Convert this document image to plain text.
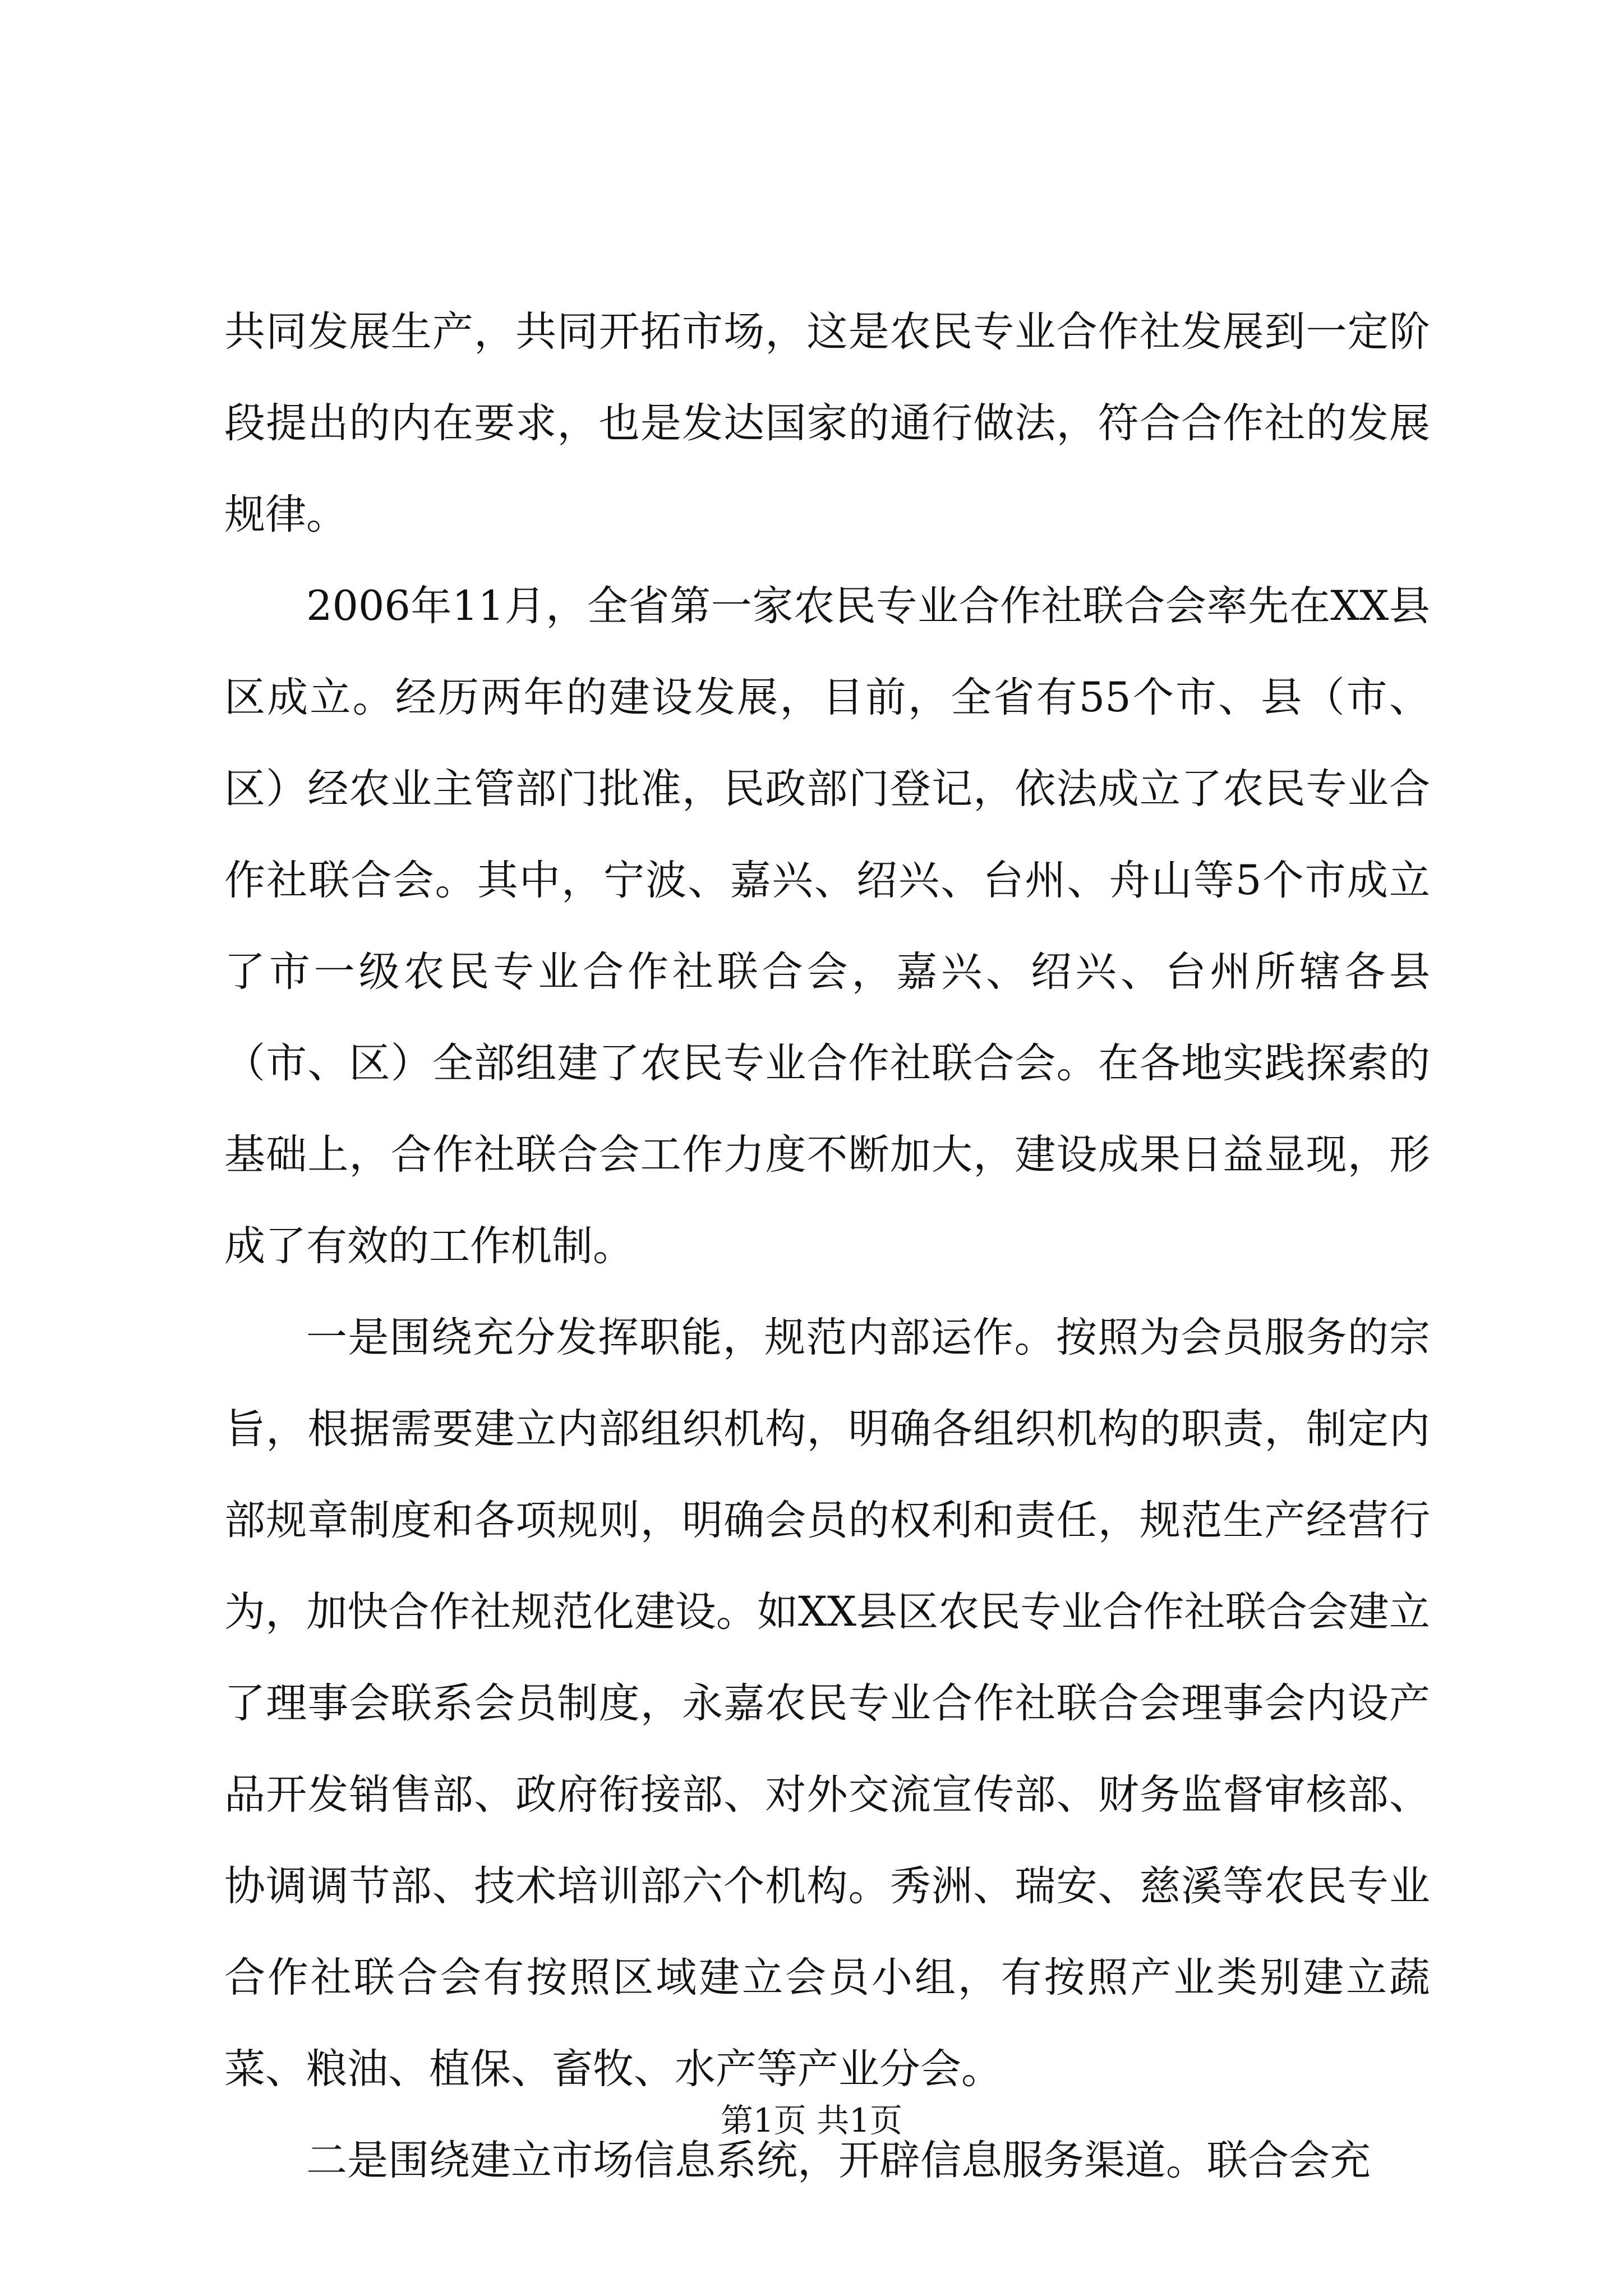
共同发展生产，共同开拓市场，这是农民专业合作社发展到一定阶段提出的内在要求，也是发达国家的通行做法，符合合作社的发展规律。

2006年11月，全省第一家农民专业合作社联合会率先在XX县区成立。经历两年的建设发展，目前，全省有55个市、县（市、区）经农业主管部门批准，民政部门登记，依法成立了农民专业合作社联合会。其中，宁波、嘉兴、绍兴、台州、舟山等5个市成立了市一级农民专业合作社联合会，嘉兴、绍兴、台州所辖各县（市、区）全部组建了农民专业合作社联合会。在各地实践探索的基础上，合作社联合会工作力度不断加大，建设成果日益显现，形成了有效的工作机制。

一是围绕充分发挥职能，规范内部运作。按照为会员服务的宗旨，根据需要建立内部组织机构，明确各组织机构的职责，制定内部规章制度和各项规则，明确会员的权利和责任，规范生产经营行为，加快合作社规范化建设。如XX县区农民专业合作社联合会建立了理事会联系会员制度，永嘉农民专业合作社联合会理事会内设产品开发销售部、政府衔接部、对外交流宣传部、财务监督审核部、协调调节部、技术培训部六个机构。秀洲、瑞安、慈溪等农民专业合作社联合会有按照区域建立会员小组，有按照产业类别建立蔬菜、粮油、植保、畜牧、水产等产业分会。

二是围绕建立市场信息系统，开辟信息服务渠道。联合会充

第1页 共1页
